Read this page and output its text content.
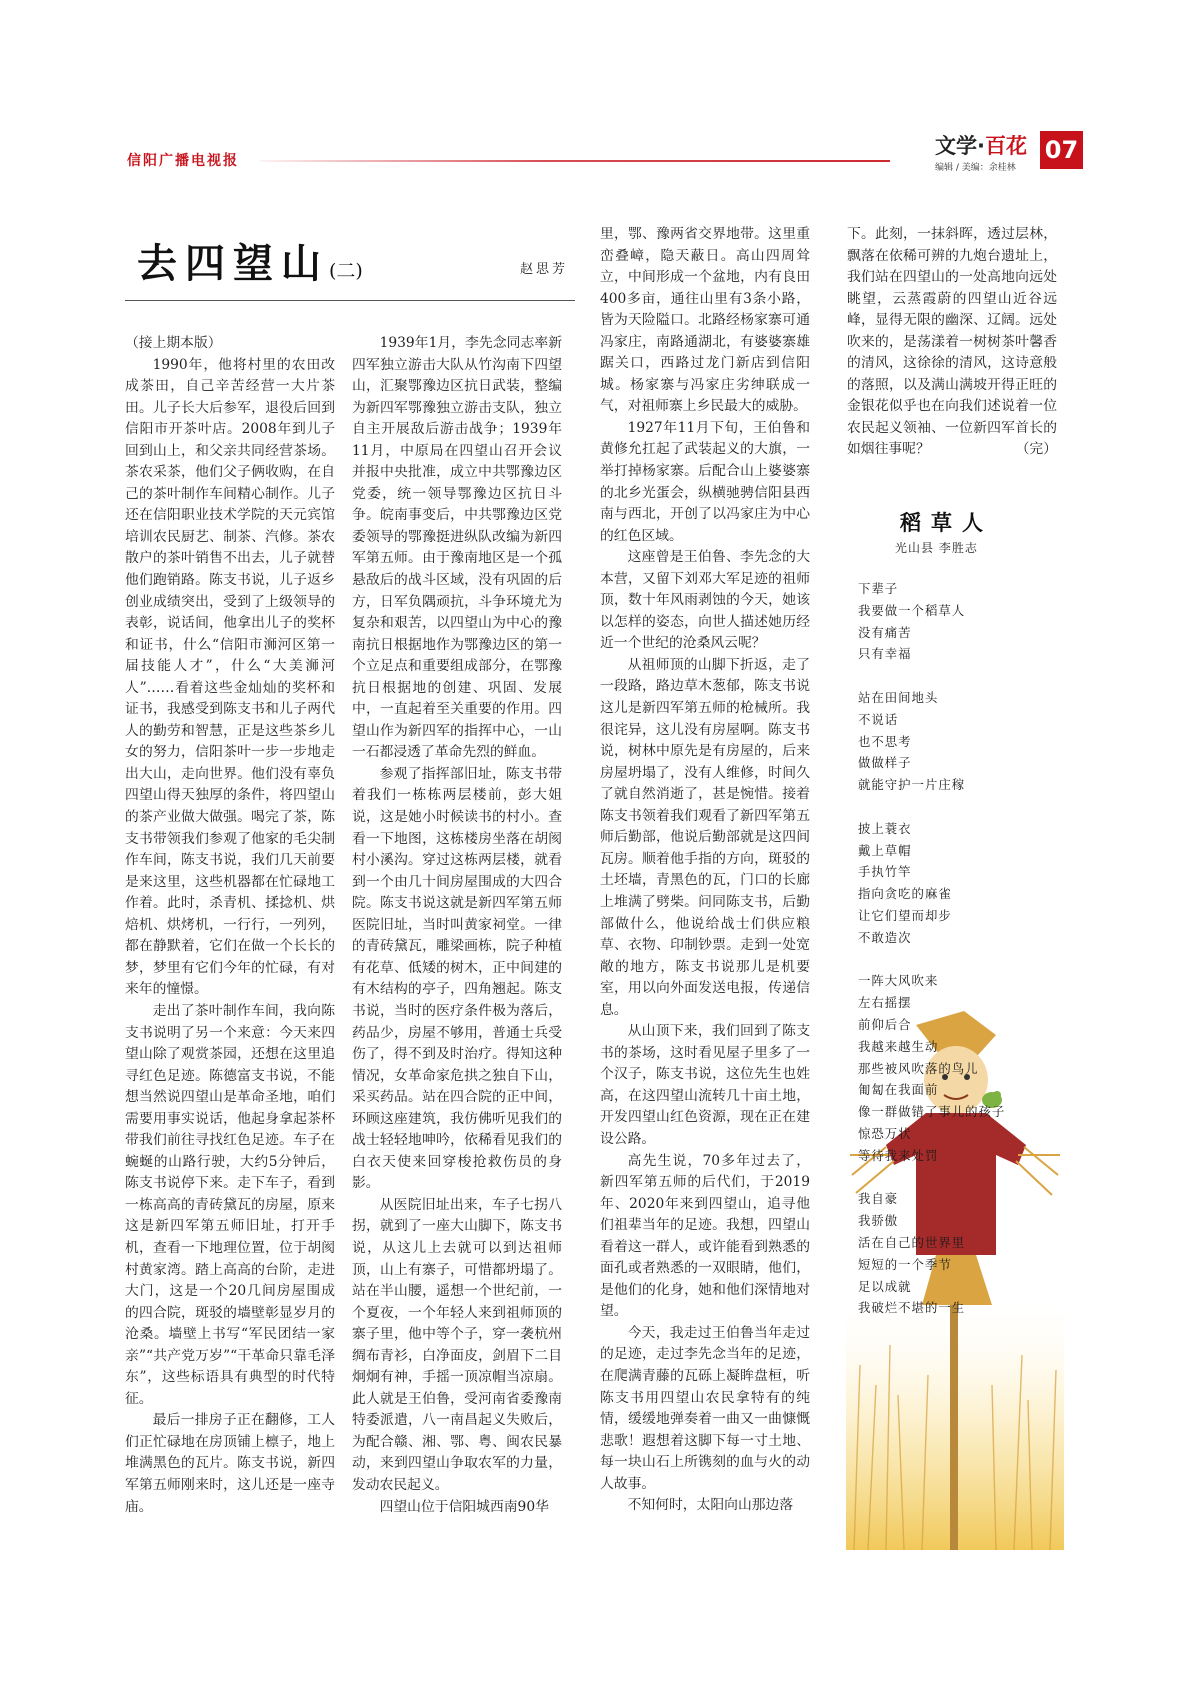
信阳广播电视报
文学·百花
编辑 / 美编：余桂林
07
去四望山(二)	赵思芳

（接上期本版）

1990年，他将村里的农田改成茶田，自己辛苦经营一大片茶田。儿子长大后参军，退役后回到信阳市开茶叶店。2008年到儿子回到山上，和父亲共同经营茶场。茶农采茶，他们父子俩收购，在自己的茶叶制作车间精心制作。儿子还在信阳职业技术学院的天元宾馆培训农民厨艺、制茶、汽修。茶农散户的茶叶销售不出去，儿子就替他们跑销路。陈支书说，儿子返乡创业成绩突出，受到了上级领导的表彰，说话间，他拿出儿子的奖杯和证书，什么“信阳市浉河区第一届技能人才”，什么“大美浉河人”……看着这些金灿灿的奖杯和证书，我感受到陈支书和儿子两代人的勤劳和智慧，正是这些茶乡儿女的努力，信阳茶叶一步一步地走出大山，走向世界。他们没有辜负四望山得天独厚的条件，将四望山的茶产业做大做强。喝完了茶，陈支书带领我们参观了他家的毛尖制作车间，陈支书说，我们几天前要是来这里，这些机器都在忙碌地工作着。此时，杀青机、揉捻机、烘焙机、烘烤机，一行行，一列列，都在静默着，它们在做一个长长的梦，梦里有它们今年的忙碌，有对来年的憧憬。

走出了茶叶制作车间，我向陈支书说明了另一个来意：今天来四望山除了观赏茶园，还想在这里追寻红色足迹。陈德富支书说，不能想当然说四望山是革命圣地，咱们需要用事实说话，他起身拿起茶杯带我们前往寻找红色足迹。车子在蜿蜒的山路行驶，大约5分钟后，陈支书说停下来。走下车子，看到一栋高高的青砖黛瓦的房屋，原来这是新四军第五师旧址，打开手机，查看一下地理位置，位于胡阂村黄家湾。踏上高高的台阶，走进大门，这是一个20几间房屋围成的四合院，斑驳的墙壁彰显岁月的沧桑。墙壁上书写“军民团结一家亲”“共产党万岁”“干革命只靠毛泽东”，这些标语具有典型的时代特征。

最后一排房子正在翻修，工人们正忙碌地在房顶铺上檩子，地上堆满黑色的瓦片。陈支书说，新四军第五师刚来时，这儿还是一座寺庙。

1939年1月，李先念同志率新四军独立游击大队从竹沟南下四望山，汇聚鄂豫边区抗日武装，整编为新四军鄂豫独立游击支队，独立自主开展敌后游击战争；1939年11月，中原局在四望山召开会议并报中央批准，成立中共鄂豫边区党委，统一领导鄂豫边区抗日斗争。皖南事变后，中共鄂豫边区党委领导的鄂豫挺进纵队改编为新四军第五师。由于豫南地区是一个孤悬敌后的战斗区域，没有巩固的后方，日军负隅顽抗，斗争环境尤为复杂和艰苦，以四望山为中心的豫南抗日根据地作为鄂豫边区的第一个立足点和重要组成部分，在鄂豫抗日根据地的创建、巩固、发展中，一直起着至关重要的作用。四望山作为新四军的指挥中心，一山一石都浸透了革命先烈的鲜血。

参观了指挥部旧址，陈支书带着我们一栋栋两层楼前，彭大姐说，这是她小时候读书的村小。查看一下地图，这栋楼房坐落在胡阂村小溪沟。穿过这栋两层楼，就看到一个由几十间房屋围成的大四合院。陈支书说这就是新四军第五师医院旧址，当时叫黄家祠堂。一律的青砖黛瓦，雕梁画栋，院子种植有花草、低矮的树木，正中间建的有木结构的亭子，四角翘起。陈支书说，当时的医疗条件极为落后，药品少，房屋不够用，普通士兵受伤了，得不到及时治疗。得知这种情况，女革命家危拱之独自下山，采买药品。站在四合院的正中间，环顾这座建筑，我仿佛听见我们的战士轻轻地呻吟，依稀看见我们的白衣天使来回穿梭抢救伤员的身影。

从医院旧址出来，车子七拐八拐，就到了一座大山脚下，陈支书说，从这儿上去就可以到达祖师顶，山上有寨子，可惜都坍塌了。站在半山腰，遥想一个世纪前，一个夏夜，一个年轻人来到祖师顶的寨子里，他中等个子，穿一袭杭州绸布青衫，白净面皮，剑眉下二目炯炯有神，手摇一顶凉帽当凉扇。此人就是王伯鲁，受河南省委豫南特委派遣，八一南昌起义失败后，为配合赣、湘、鄂、粤、闽农民暴动，来到四望山争取农军的力量，发动农民起义。

四望山位于信阳城西南90华

里，鄂、豫两省交界地带。这里重峦叠嶂，隐天蔽日。高山四周耸立，中间形成一个盆地，内有良田400多亩，通往山里有3条小路，皆为天险隘口。北路经杨家寨可通冯家庄，南路通湖北，有婆婆寨雄踞关口，西路过龙门新店到信阳城。杨家寨与冯家庄劣绅联成一气，对祖师寨上乡民最大的威胁。

1927年11月下旬，王伯鲁和黄修允扛起了武装起义的大旗，一举打掉杨家寨。后配合山上婆婆寨的北乡光蛋会，纵横驰骋信阳县西南与西北，开创了以冯家庄为中心的红色区域。

这座曾是王伯鲁、李先念的大本营，又留下刘邓大军足迹的祖师顶，数十年风雨剥蚀的今天，她该以怎样的姿态，向世人描述她历经近一个世纪的沧桑风云呢？

从祖师顶的山脚下折返，走了一段路，路边草木葱郁，陈支书说这儿是新四军第五师的枪械所。我很诧异，这儿没有房屋啊。陈支书说，树林中原先是有房屋的，后来房屋坍塌了，没有人维修，时间久了就自然消逝了，甚是惋惜。接着陈支书领着我们观看了新四军第五师后勤部，他说后勤部就是这四间瓦房。顺着他手指的方向，斑驳的土坯墙，青黑色的瓦，门口的长廊上堆满了劈柴。问同陈支书，后勤部做什么，他说给战士们供应粮草、衣物、印制钞票。走到一处宽敞的地方，陈支书说那儿是机要室，用以向外面发送电报，传递信息。

从山顶下来，我们回到了陈支书的茶场，这时看见屋子里多了一个汉子，陈支书说，这位先生也姓高，在这四望山流转几十亩土地，开发四望山红色资源，现在正在建设公路。

高先生说，70多年过去了，新四军第五师的后代们，于2019年、2020年来到四望山，追寻他们祖辈当年的足迹。我想，四望山看着这一群人，或许能看到熟悉的面孔或者熟悉的一双眼睛，他们，是他们的化身，她和他们深情地对望。

今天，我走过王伯鲁当年走过的足迹，走过李先念当年的足迹，在爬满青藤的瓦砾上凝眸盘桓，听陈支书用四望山农民拿特有的纯情，缓缓地弹奏着一曲又一曲慷慨悲歌！遐想着这脚下每一寸土地、每一块山石上所镌刻的血与火的动人故事。

不知何时，太阳向山那边落

下。此刻，一抹斜晖，透过层林，飘落在依稀可辨的九炮台遗址上，我们站在四望山的一处高地向远处眺望，云蒸霞蔚的四望山近谷远峰，显得无限的幽深、辽阔。远处吹来的，是荡漾着一树树茶叶馨香的清风，这徐徐的清风，这诗意般的落照，以及满山满坡开得正旺的金银花似乎也在向我们述说着一位农民起义领袖、一位新四军首长的如烟往事呢？	（完）

稻草人
光山县 李胜志
下辈子
我要做一个稻草人
没有痛苦
只有幸福
站在田间地头
不说话
也不思考
做做样子
就能守护一片庄稼
披上蓑衣
戴上草帽
手执竹竿
指向贪吃的麻雀
让它们望而却步
不敢造次
一阵大风吹来
左右摇摆
前仰后合
我越来越生动
那些被风吹落的鸟儿
匍匐在我面前
像一群做错了事儿的孩子
惊恐万状
等待我来处罚
我自豪
我骄傲
活在自己的世界里
短短的一个季节
足以成就
我破烂不堪的一生
